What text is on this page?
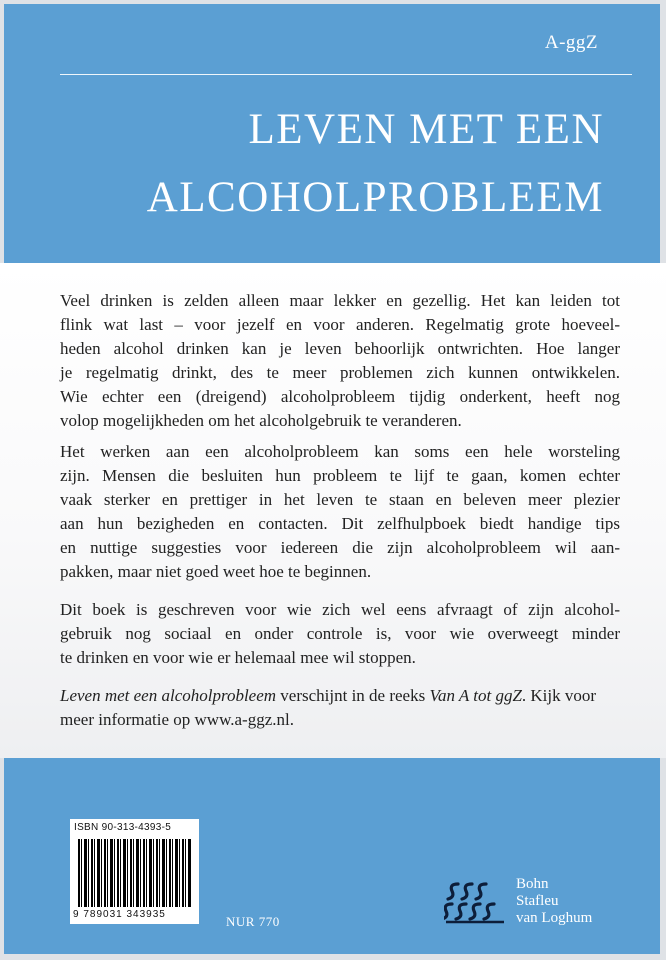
A-ggZ
LEVEN MET EEN
ALCOHOLPROBLEEM
Veel drinken is zelden alleen maar lekker en gezellig. Het kan leiden tot
flink wat last – voor jezelf en voor anderen. Regelmatig grote hoeveel-
heden alcohol drinken kan je leven behoorlijk ontwrichten. Hoe langer
je regelmatig drinkt, des te meer problemen zich kunnen ontwikkelen.
Wie echter een (dreigend) alcoholprobleem tijdig onderkent, heeft nog
volop mogelijkheden om het alcoholgebruik te veranderen.
Het werken aan een alcoholprobleem kan soms een hele worsteling
zijn. Mensen die besluiten hun probleem te lijf te gaan, komen echter
vaak sterker en prettiger in het leven te staan en beleven meer plezier
aan hun bezigheden en contacten. Dit zelfhulpboek biedt handige tips
en nuttige suggesties voor iedereen die zijn alcoholprobleem wil aan-
pakken, maar niet goed weet hoe te beginnen.
Dit boek is geschreven voor wie zich wel eens afvraagt of zijn alcohol-
gebruik nog sociaal en onder controle is, voor wie overweegt minder
te drinken en voor wie er helemaal mee wil stoppen.
Leven met een alcoholprobleem verschijnt in de reeks Van A tot ggZ. Kijk voor
meer informatie op www.a-ggz.nl.
ISBN 90-313-4393-5
9 789031 343935	NUR 770
Bohn
Stafleu
van Loghum
